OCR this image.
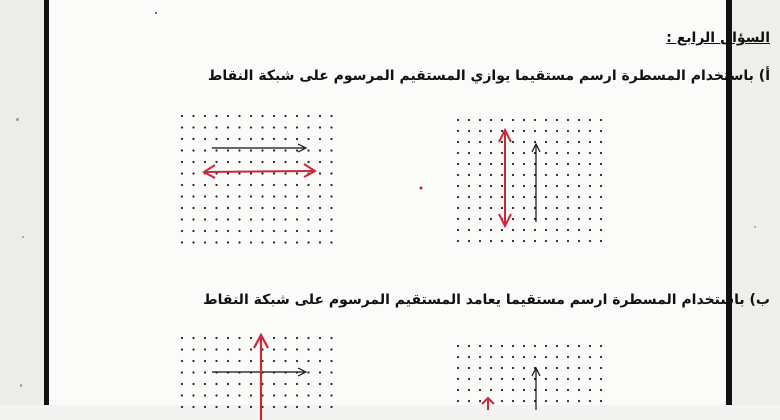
السؤال الرابع :
أ) باستخدام المسطرة ارسم مستقيما يوازي المستقيم المرسوم على شبكة النقاط
ب) باستخدام المسطرة ارسم مستقيما يعامد المستقيم المرسوم على شبكة النقاط
